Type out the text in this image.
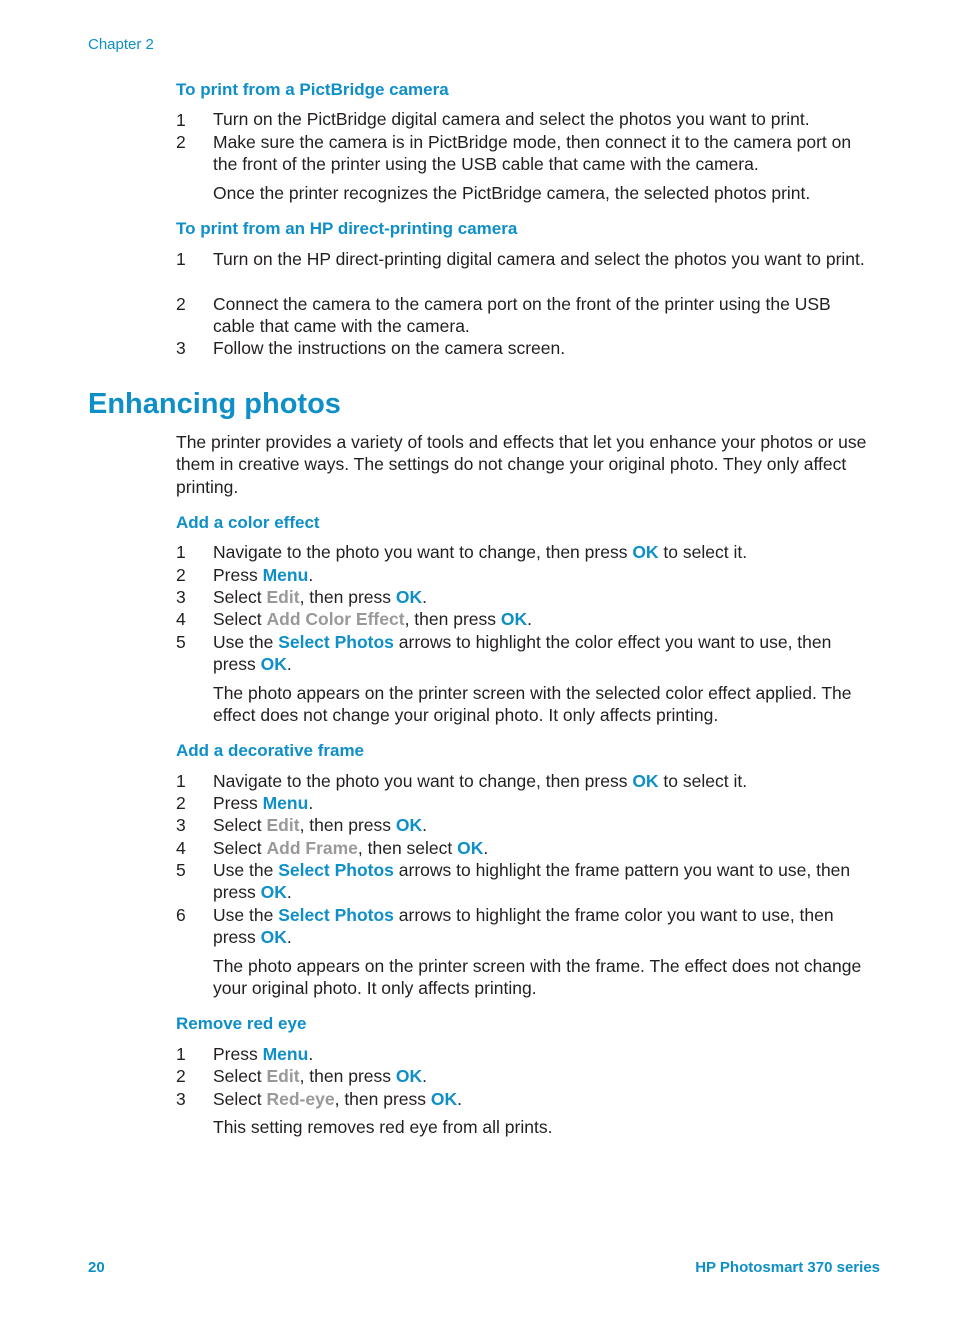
Chapter 2
To print from a PictBridge camera
1	Turn on the PictBridge digital camera and select the photos you want to print.
2	Make sure the camera is in PictBridge mode, then connect it to the camera port on the front of the printer using the USB cable that came with the camera.
Once the printer recognizes the PictBridge camera, the selected photos print.
To print from an HP direct-printing camera
1	Turn on the HP direct-printing digital camera and select the photos you want to print.
2	Connect the camera to the camera port on the front of the printer using the USB cable that came with the camera.
3	Follow the instructions on the camera screen.
Enhancing photos
The printer provides a variety of tools and effects that let you enhance your photos or use them in creative ways. The settings do not change your original photo. They only affect printing.
Add a color effect
1	Navigate to the photo you want to change, then press OK to select it.
2	Press Menu.
3	Select Edit, then press OK.
4	Select Add Color Effect, then press OK.
5	Use the Select Photos arrows to highlight the color effect you want to use, then press OK.
The photo appears on the printer screen with the selected color effect applied. The effect does not change your original photo. It only affects printing.
Add a decorative frame
1	Navigate to the photo you want to change, then press OK to select it.
2	Press Menu.
3	Select Edit, then press OK.
4	Select Add Frame, then select OK.
5	Use the Select Photos arrows to highlight the frame pattern you want to use, then press OK.
6	Use the Select Photos arrows to highlight the frame color you want to use, then press OK.
The photo appears on the printer screen with the frame. The effect does not change your original photo. It only affects printing.
Remove red eye
1	Press Menu.
2	Select Edit, then press OK.
3	Select Red-eye, then press OK.
This setting removes red eye from all prints.
20	HP Photosmart 370 series
